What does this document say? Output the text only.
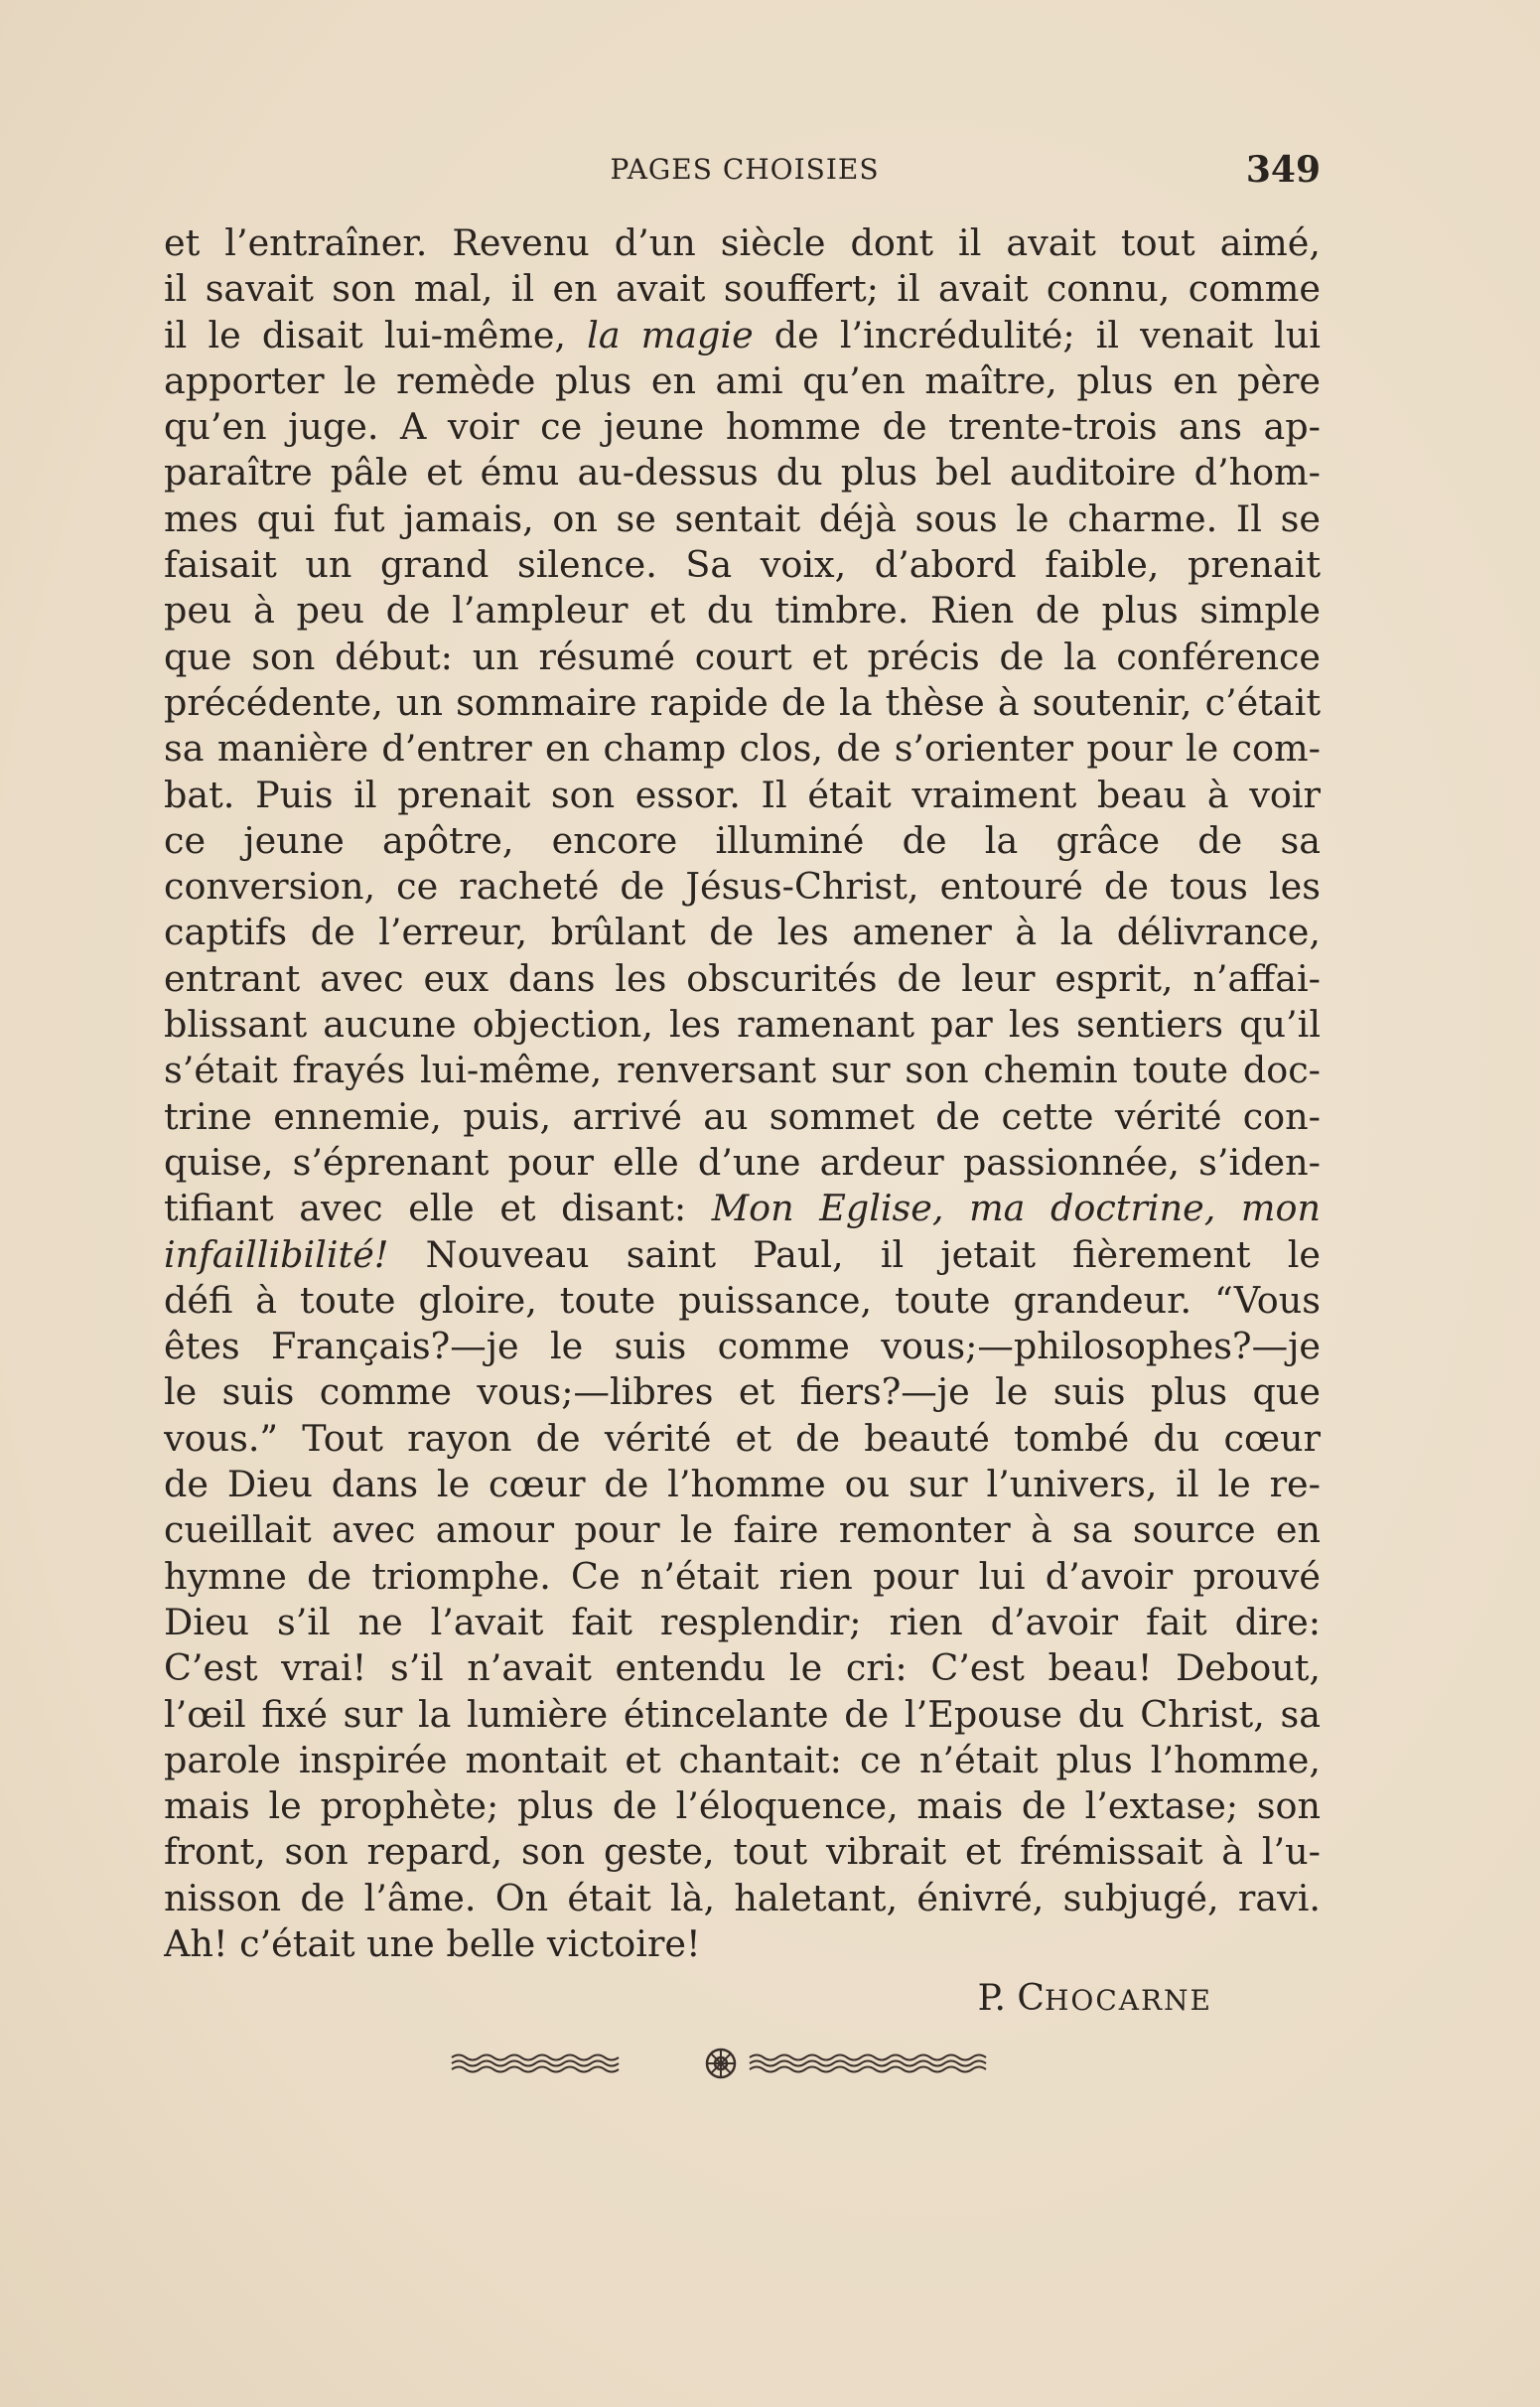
PAGES CHOISIES	349
et l’entraîner. Revenu d’un siècle dont il avait tout aimé,
il savait son mal, il en avait souffert; il avait connu, comme
il le disait lui-même, la magie de l’incrédulité; il venait lui
apporter le remède plus en ami qu’en maître, plus en père
qu’en juge. A voir ce jeune homme de trente-trois ans ap-
paraître pâle et ému au-dessus du plus bel auditoire d’hom-
mes qui fut jamais, on se sentait déjà sous le charme. Il se
faisait un grand silence. Sa voix, d’abord faible, prenait
peu à peu de l’ampleur et du timbre. Rien de plus simple
que son début: un résumé court et précis de la conférence
précédente, un sommaire rapide de la thèse à soutenir, c’était
sa manière d’entrer en champ clos, de s’orienter pour le com-
bat. Puis il prenait son essor. Il était vraiment beau à voir
ce jeune apôtre, encore illuminé de la grâce de sa
conversion, ce racheté de Jésus-Christ, entouré de tous les
captifs de l’erreur, brûlant de les amener à la délivrance,
entrant avec eux dans les obscurités de leur esprit, n’affai-
blissant aucune objection, les ramenant par les sentiers qu’il
s’était frayés lui-même, renversant sur son chemin toute doc-
trine ennemie, puis, arrivé au sommet de cette vérité con-
quise, s’éprenant pour elle d’une ardeur passionnée, s’iden-
tifiant avec elle et disant: Mon Eglise, ma doctrine, mon
infaillibilité! Nouveau saint Paul, il jetait fièrement le
défi à toute gloire, toute puissance, toute grandeur. “Vous
êtes Français?—je le suis comme vous;—philosophes?—je
le suis comme vous;—libres et fiers?—je le suis plus que
vous.” Tout rayon de vérité et de beauté tombé du cœur
de Dieu dans le cœur de l’homme ou sur l’univers, il le re-
cueillait avec amour pour le faire remonter à sa source en
hymne de triomphe. Ce n’était rien pour lui d’avoir prouvé
Dieu s’il ne l’avait fait resplendir; rien d’avoir fait dire:
C’est vrai! s’il n’avait entendu le cri: C’est beau! Debout,
l’œil fixé sur la lumière étincelante de l’Epouse du Christ, sa
parole inspirée montait et chantait: ce n’était plus l’homme,
mais le prophète; plus de l’éloquence, mais de l’extase; son
front, son repard, son geste, tout vibrait et frémissait à l’u-
nisson de l’âme. On était là, haletant, énivré, subjugé, ravi.
Ah! c’était une belle victoire!
P. CHOCARNE
